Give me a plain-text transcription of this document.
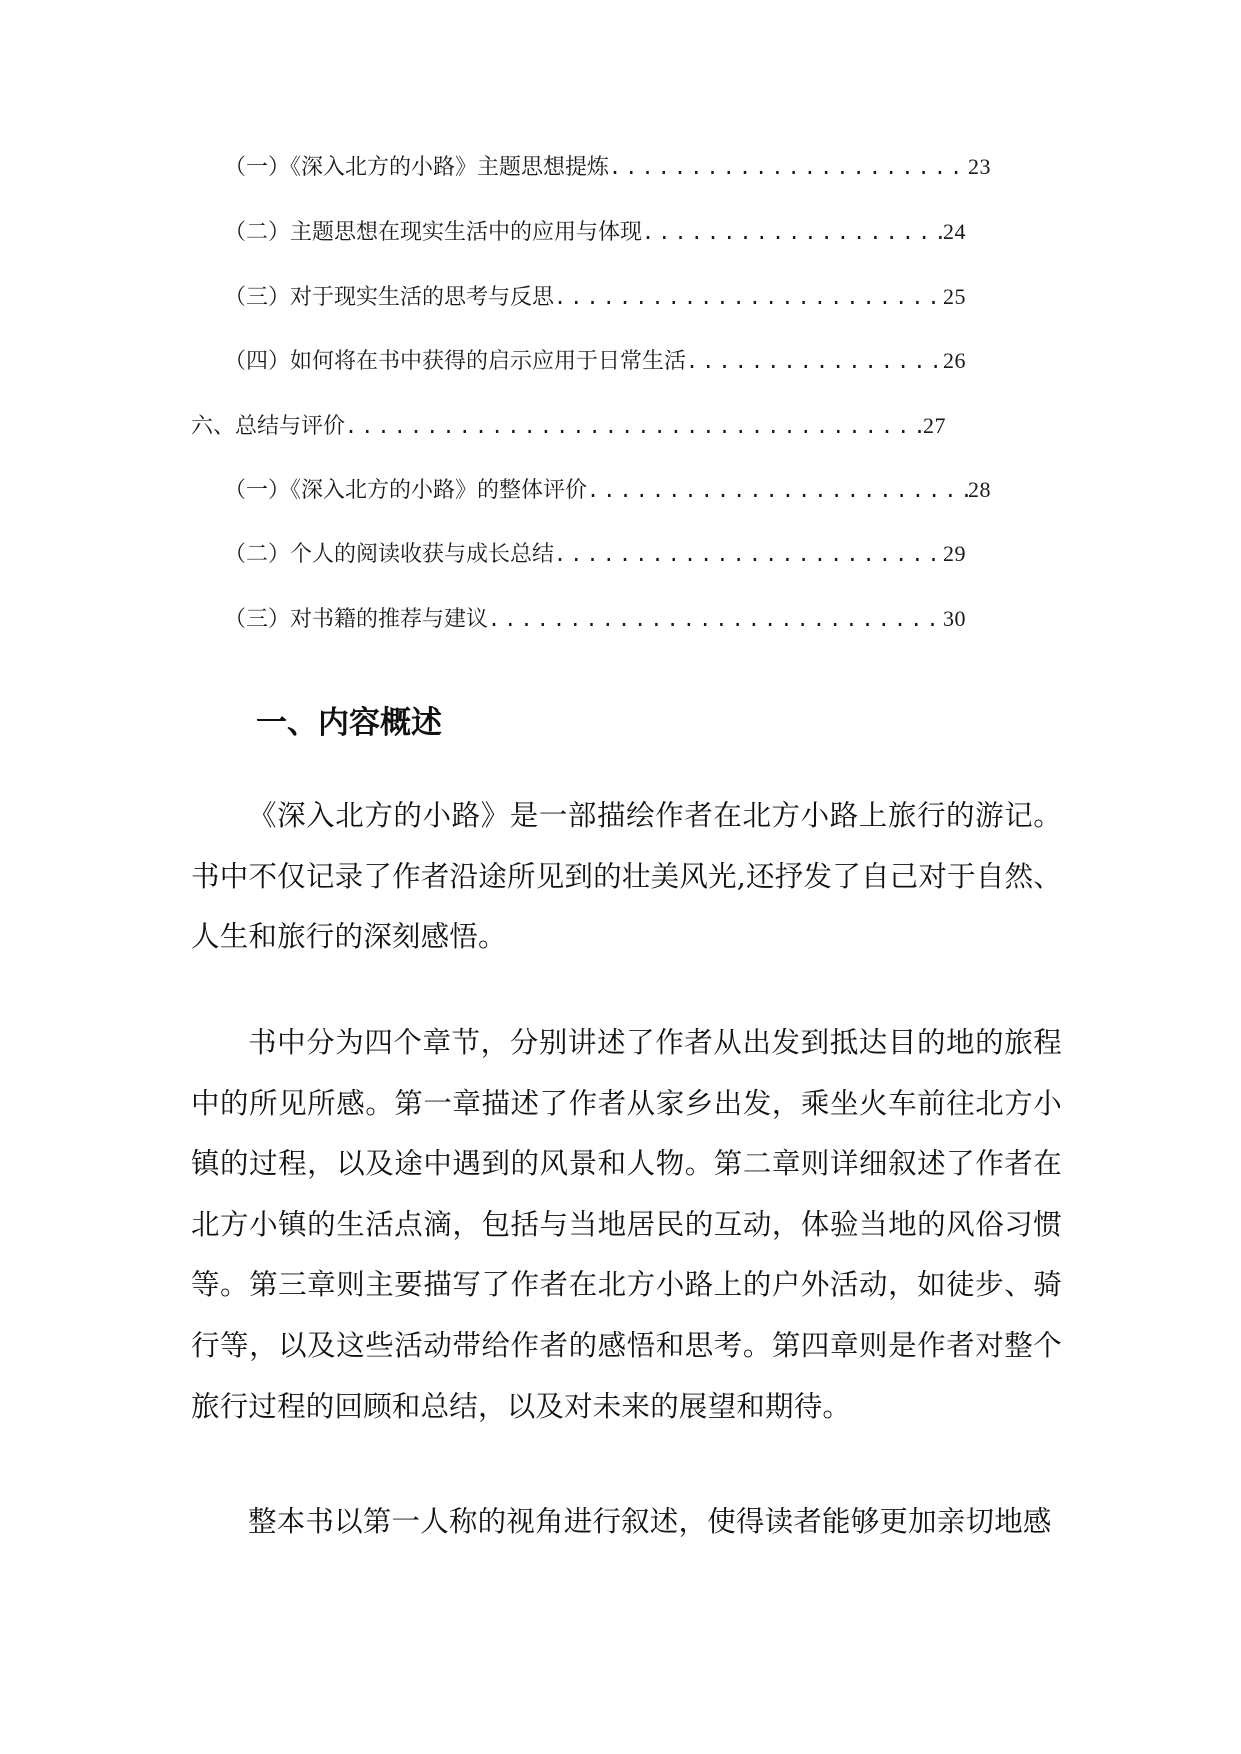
（一）《深入北方的小路》主题思想提炼 .....	23
（二）主题思想在现实生活中的应用与体现 .....	24
（三）对于现实生活的思考与反思 .....	25
（四）如何将在书中获得的启示应用于日常生活 .....	26
六、总结与评价 .....	27
（一）《深入北方的小路》的整体评价 .....	28
（二）个人的阅读收获与成长总结 .....	29
（三）对书籍的推荐与建议 .....	30
一、内容概述

《深入北方的小路》是一部描绘作者在北方小路上旅行的游记。书中不仅记录了作者沿途所见到的壮美风光,还抒发了自己对于自然、人生和旅行的深刻感悟。

书中分为四个章节，分别讲述了作者从出发到抵达目的地的旅程中的所见所感。第一章描述了作者从家乡出发，乘坐火车前往北方小镇的过程，以及途中遇到的风景和人物。第二章则详细叙述了作者在北方小镇的生活点滴，包括与当地居民的互动，体验当地的风俗习惯等。第三章则主要描写了作者在北方小路上的户外活动，如徒步、骑行等，以及这些活动带给作者的感悟和思考。第四章则是作者对整个旅行过程的回顾和总结，以及对未来的展望和期待。

整本书以第一人称的视角进行叙述，使得读者能够更加亲切地感
